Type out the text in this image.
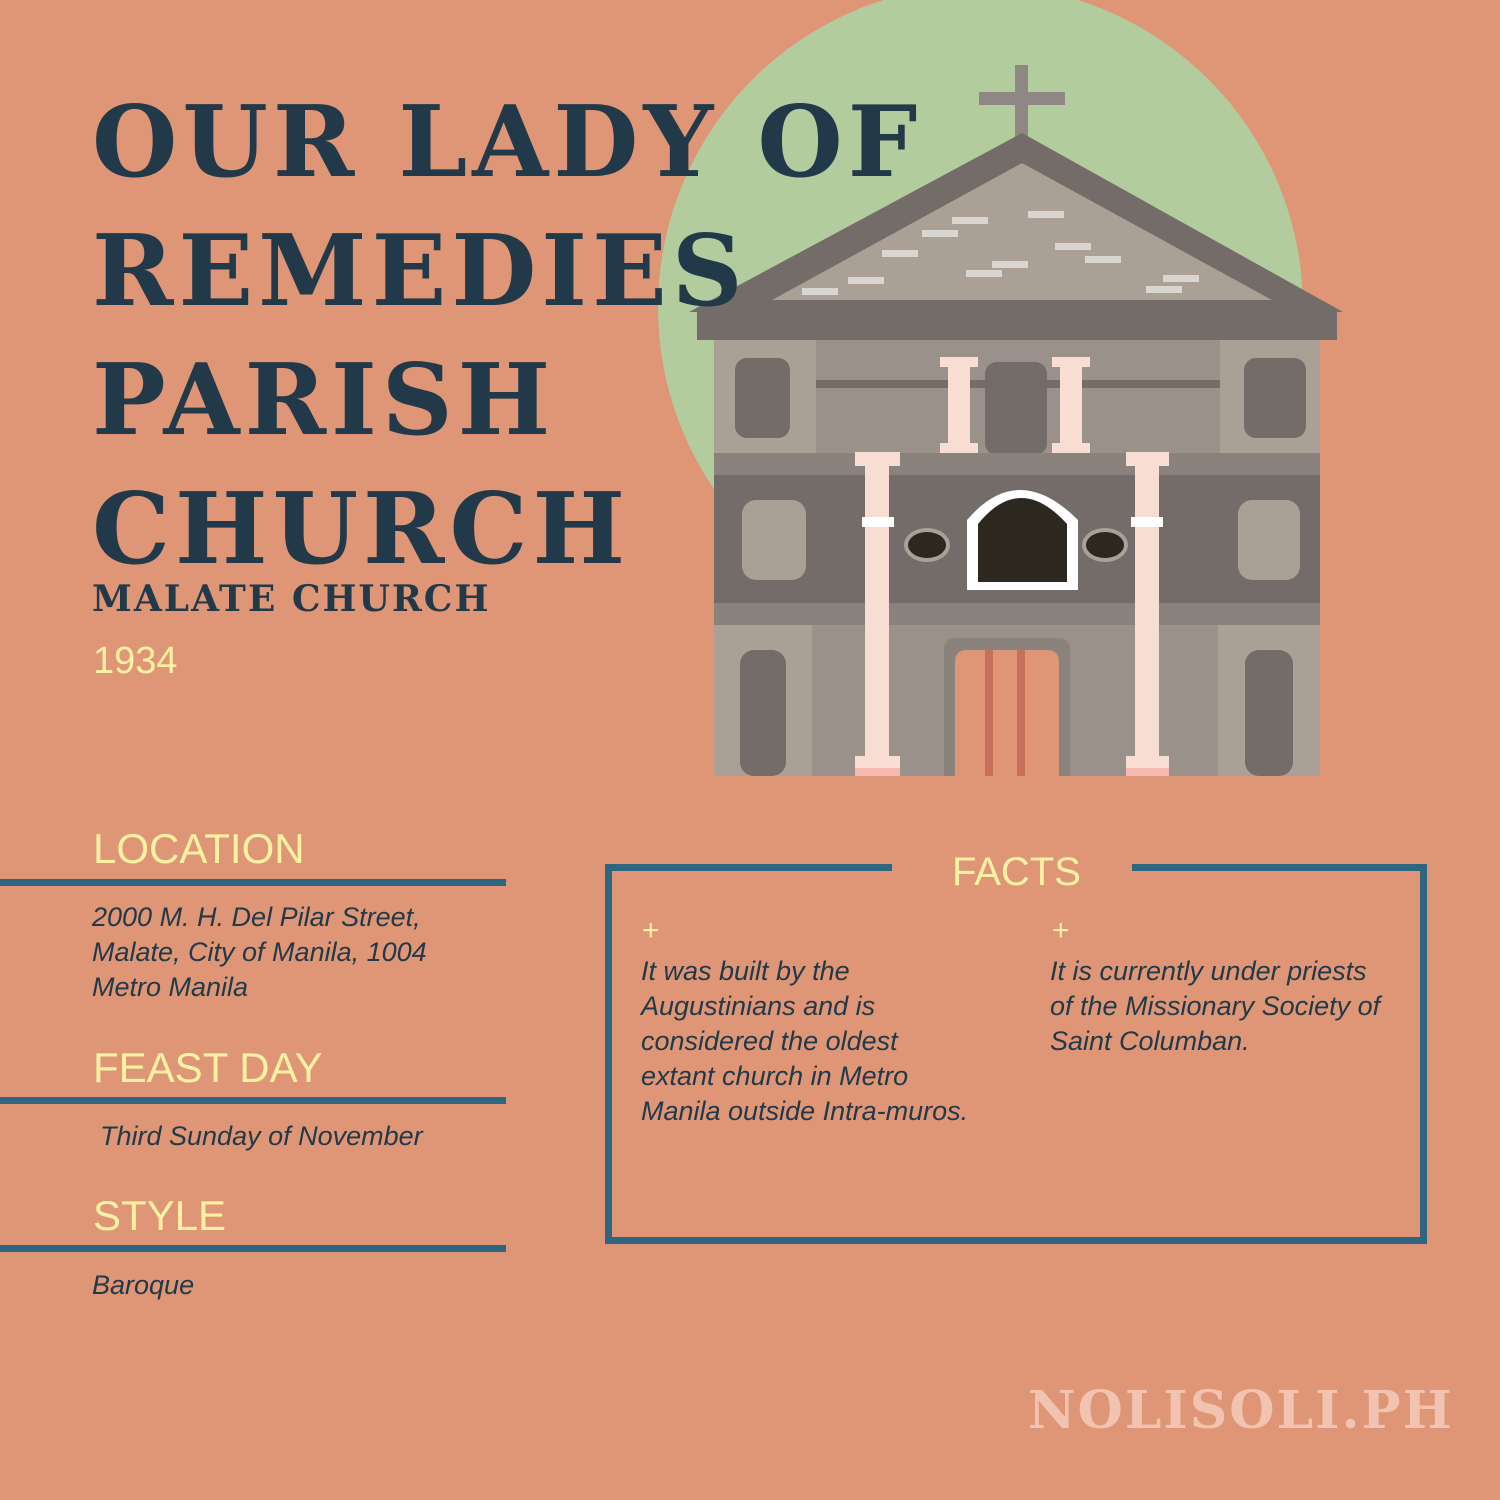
OUR LADY OF
REMEDIES
PARISH
CHURCH
MALATE CHURCH
1934
LOCATION
2000 M. H. Del Pilar Street,
Malate, City of Manila, 1004
Metro Manila
FEAST DAY
Third Sunday of November
STYLE
Baroque
FACTS
+
It was built by the Augustinians and is considered the oldest extant church in Metro Manila outside Intra-muros.
+
It is currently under priests of the Missionary Society of Saint Columban.
NOLISOLI.PH
